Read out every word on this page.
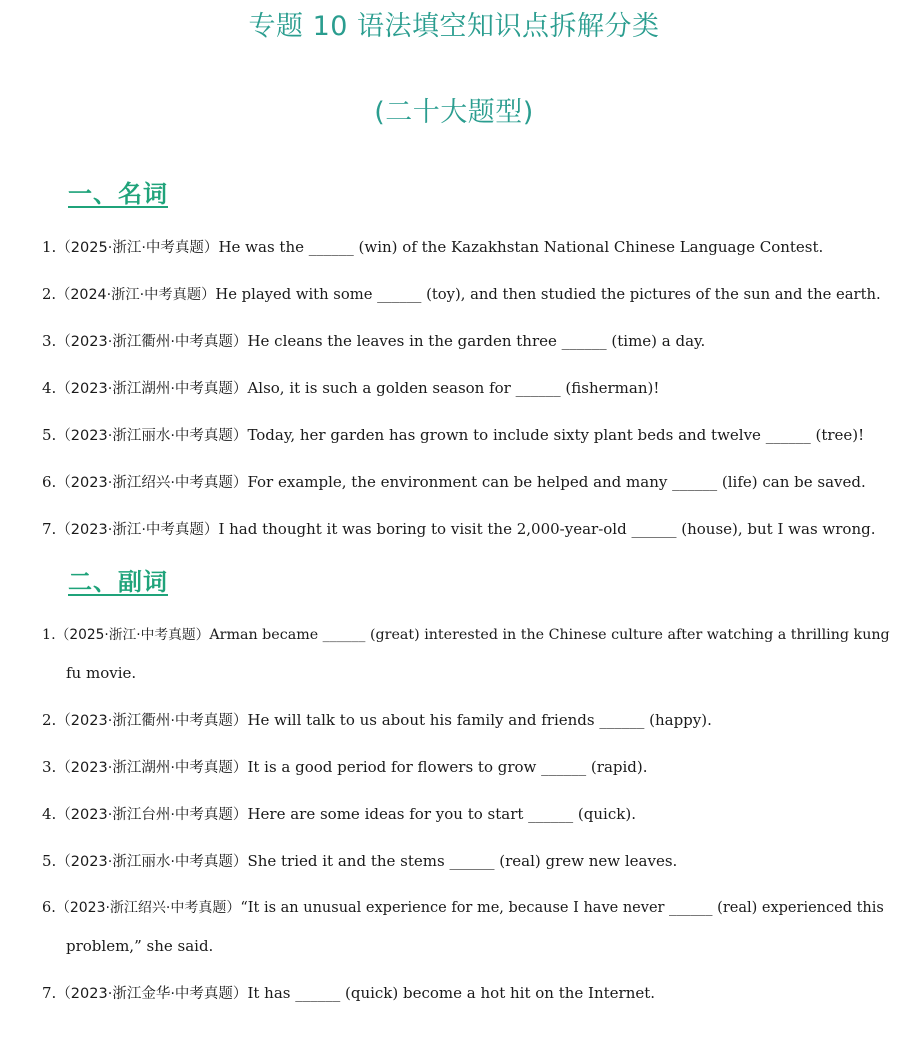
专题 10 语法填空知识点拆解分类
(二十大题型)
一、名词
1.（2025·浙江·中考真题）He was the ______ (win) of the Kazakhstan National Chinese Language Contest.
2.（2024·浙江·中考真题）He played with some ______ (toy), and then studied the pictures of the sun and the earth.
3.（2023·浙江衢州·中考真题）He cleans the leaves in the garden three ______ (time) a day.
4.（2023·浙江湖州·中考真题）Also, it is such a golden season for ______ (fisherman)!
5.（2023·浙江丽水·中考真题）Today, her garden has grown to include sixty plant beds and twelve ______ (tree)!
6.（2023·浙江绍兴·中考真题）For example, the environment can be helped and many ______ (life) can be saved.
7.（2023·浙江·中考真题）I had thought it was boring to visit the 2,000-year-old ______ (house), but I was wrong.
二、副词
1.（2025·浙江·中考真题）Arman became ______ (great) interested in the Chinese culture after watching a thrilling kung
fu movie.
2.（2023·浙江衢州·中考真题）He will talk to us about his family and friends ______ (happy).
3.（2023·浙江湖州·中考真题）It is a good period for flowers to grow ______ (rapid).
4.（2023·浙江台州·中考真题）Here are some ideas for you to start ______ (quick).
5.（2023·浙江丽水·中考真题）She tried it and the stems ______ (real) grew new leaves.
6.（2023·浙江绍兴·中考真题）“It is an unusual experience for me, because I have never ______ (real) experienced this
problem,” she said.
7.（2023·浙江金华·中考真题）It has ______ (quick) become a hot hit on the Internet.
